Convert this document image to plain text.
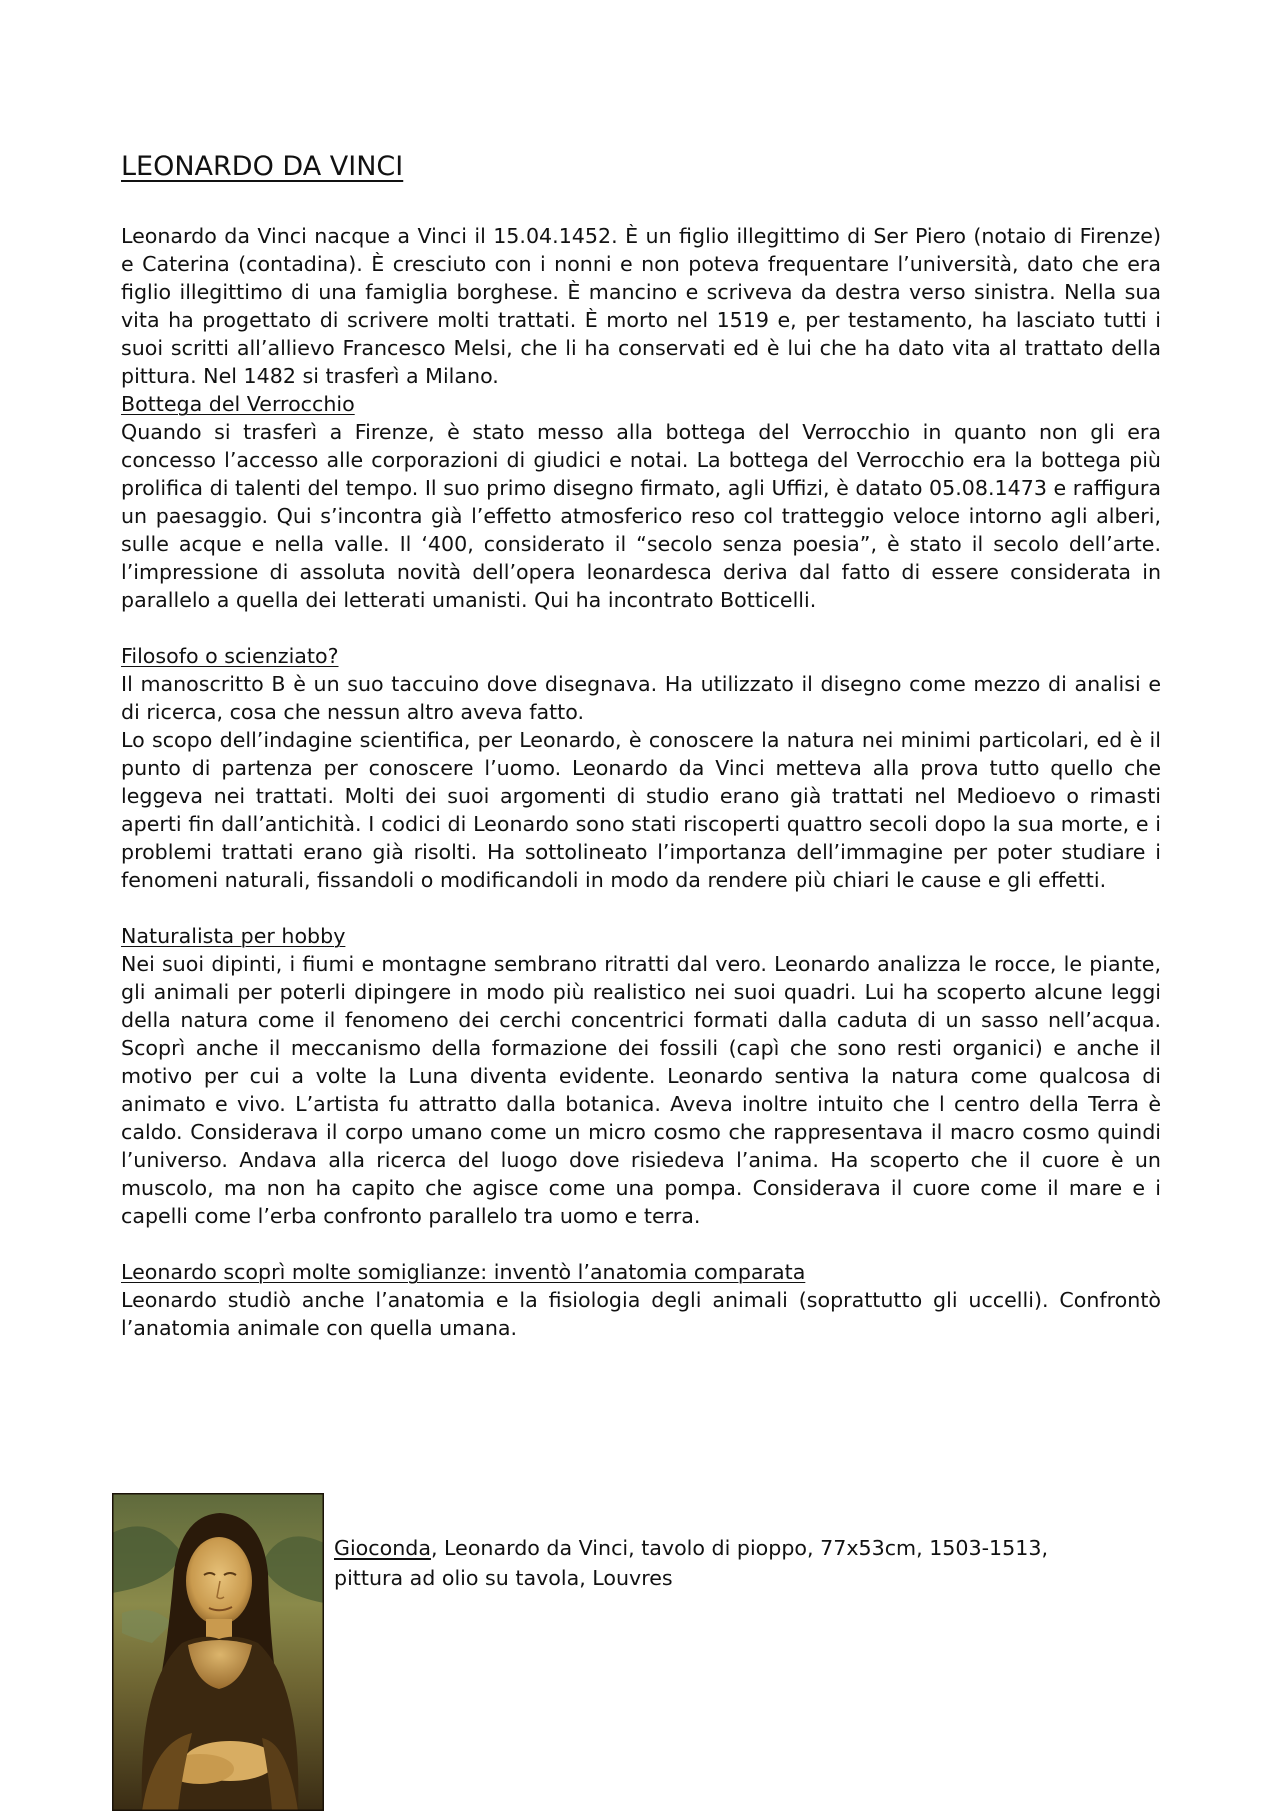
LEONARDO DA VINCI

Leonardo da Vinci nacque a Vinci il 15.04.1452. È un figlio illegittimo di Ser Piero (notaio di Firenze) e Caterina (contadina). È cresciuto con i nonni e non poteva frequentare l’università, dato che era figlio illegittimo di una famiglia borghese. È mancino e scriveva da destra verso sinistra. Nella sua vita ha progettato di scrivere molti trattati. È morto nel 1519 e, per testamento, ha lasciato tutti i suoi scritti all’allievo Francesco Melsi, che li ha conservati ed è lui che ha dato vita al trattato della pittura. Nel 1482 si trasferì a Milano.

Bottega del Verrocchio

Quando si trasferì a Firenze, è stato messo alla bottega del Verrocchio in quanto non gli era concesso l’accesso alle corporazioni di giudici e notai. La bottega del Verrocchio era la bottega più prolifica di talenti del tempo. Il suo primo disegno firmato, agli Uffizi, è datato 05.08.1473 e raffigura un paesaggio. Qui s’incontra già l’effetto atmosferico reso col tratteggio veloce intorno agli alberi, sulle acque e nella valle. Il ‘400, considerato il “secolo senza poesia”, è stato il secolo dell’arte. l’impressione di assoluta novità dell’opera leonardesca deriva dal fatto di essere considerata in parallelo a quella dei letterati umanisti. Qui ha incontrato Botticelli.

Filosofo o scienziato?

Il manoscritto B è un suo taccuino dove disegnava. Ha utilizzato il disegno come mezzo di analisi e di ricerca, cosa che nessun altro aveva fatto.

Lo scopo dell’indagine scientifica, per Leonardo, è conoscere la natura nei minimi particolari, ed è il punto di partenza per conoscere l’uomo. Leonardo da Vinci metteva alla prova tutto quello che leggeva nei trattati. Molti dei suoi argomenti di studio erano già trattati nel Medioevo o rimasti aperti fin dall’antichità. I codici di Leonardo sono stati riscoperti quattro secoli dopo la sua morte, e i problemi trattati erano già risolti. Ha sottolineato l’importanza dell’immagine per poter studiare i fenomeni naturali, fissandoli o modificandoli in modo da rendere più chiari le cause e gli effetti.

Naturalista per hobby

Nei suoi dipinti, i fiumi e montagne sembrano ritratti dal vero. Leonardo analizza le rocce, le piante, gli animali per poterli dipingere in modo più realistico nei suoi quadri. Lui ha scoperto alcune leggi della natura come il fenomeno dei cerchi concentrici formati dalla caduta di un sasso nell’acqua. Scoprì anche il meccanismo della formazione dei fossili (capì che sono resti organici) e anche il motivo per cui a volte la Luna diventa evidente. Leonardo sentiva la natura come qualcosa di animato e vivo. L’artista fu attratto dalla botanica. Aveva inoltre intuito che l centro della Terra è caldo. Considerava il corpo umano come un micro cosmo che rappresentava il macro cosmo quindi l’universo. Andava alla ricerca del luogo dove risiedeva l’anima. Ha scoperto che il cuore è un muscolo, ma non ha capito che agisce come una pompa. Considerava il cuore come il mare e i capelli come l’erba confronto parallelo tra uomo e terra.

Leonardo scoprì molte somiglianze: inventò l’anatomia comparata

Leonardo studiò anche l’anatomia e la fisiologia degli animali (soprattutto gli uccelli). Confrontò l’anatomia animale con quella umana.

Gioconda, Leonardo da Vinci, tavolo di pioppo, 77x53cm, 1503-1513,
pittura ad olio su tavola, Louvres
